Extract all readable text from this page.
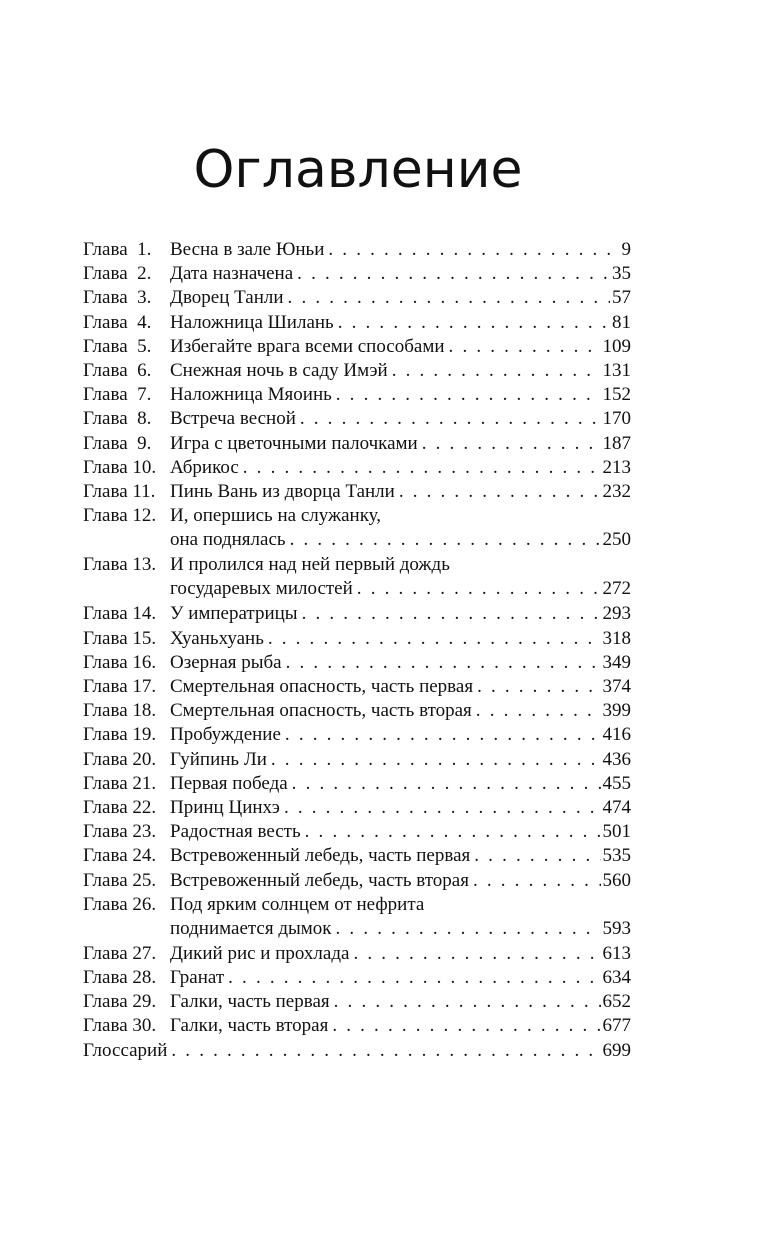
Оглавление
Глава  1. Весна в зале Юньи . . .	9
Глава  2. Дата назначена . . .	35
Глава  3. Дворец Танли . . .	57
Глава  4. Наложница Шилань . . .	81
Глава  5. Избегайте врага всеми способами . . .	109
Глава  6. Снежная ночь в саду Имэй . . .	131
Глава  7. Наложница Мяоинь . . .	152
Глава  8. Встреча весной . . .	170
Глава  9. Игра с цветочными палочками . . .	187
Глава 10. Абрикос . . .	213
Глава 11. Пинь Вань из дворца Танли . . .	232
Глава 12. И, опершись на служанку,
она поднялась . . .	250
Глава 13. И пролился над ней первый дождь
государевых милостей . . .	272
Глава 14. У императрицы . . .	293
Глава 15. Хуаньхуань . . .	318
Глава 16. Озерная рыба . . .	349
Глава 17. Смертельная опасность, часть первая . . .	374
Глава 18. Смертельная опасность, часть вторая . . .	399
Глава 19. Пробуждение . . .	416
Глава 20. Гуйпинь Ли . . .	436
Глава 21. Первая победа . . .	455
Глава 22. Принц Цинхэ . . .	474
Глава 23. Радостная весть . . .	501
Глава 24. Встревоженный лебедь, часть первая . . .	535
Глава 25. Встревоженный лебедь, часть вторая . . .	560
Глава 26. Под ярким солнцем от нефрита
поднимается дымок . . .	593
Глава 27. Дикий рис и прохлада . . .	613
Глава 28. Гранат . . .	634
Глава 29. Галки, часть первая . . .	652
Глава 30. Галки, часть вторая . . .	677
Глоссарий . . .	699
